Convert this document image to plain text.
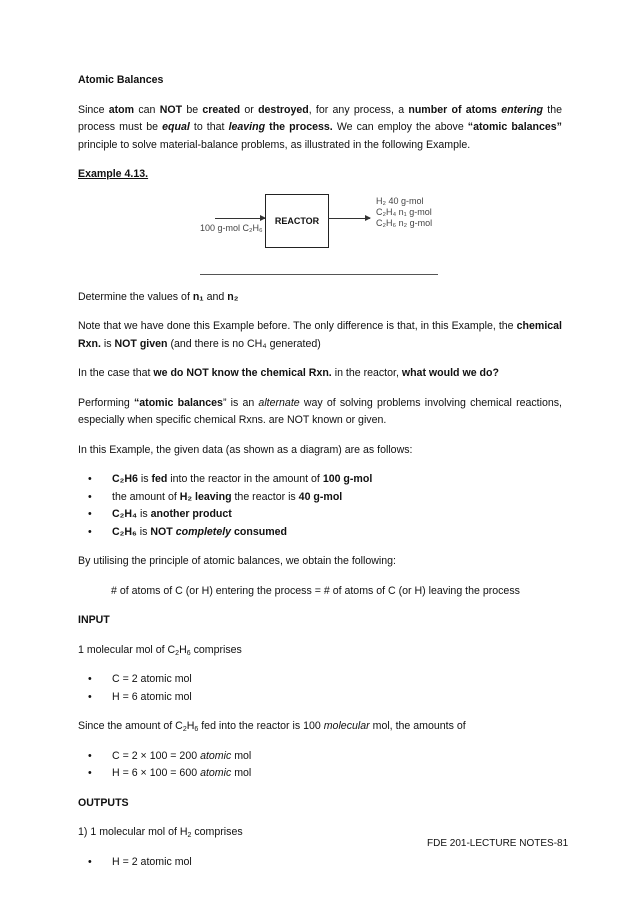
Atomic Balances

Since atom can NOT be created or destroyed, for any process, a number of atoms entering the process must be equal to that leaving the process. We can employ the above “atomic balances” principle to solve material-balance problems, as illustrated in the following Example.

Example 4.13.

REACTOR
100 g-mol C₂H₆
H₂ 40 g-mol
C₂H₄ n₁ g-mol
C₂H₆ n₂ g-mol

Determine the values of n₁ and n₂

Note that we have done this Example before. The only difference is that, in this Example, the chemical Rxn. is NOT given (and there is no CH₄ generated)

In the case that we do NOT know the chemical Rxn. in the reactor, what would we do?

Performing “atomic balances” is an alternate way of solving problems involving chemical reactions, especially when specific chemical Rxns. are NOT known or given.

In this Example, the given data (as shown as a diagram) are as follows:

• C₂H6 is fed into the reactor in the amount of 100 g-mol
• the amount of H₂ leaving the reactor is 40 g-mol
• C₂H₄ is another product
• C₂H₆ is NOT completely consumed

By utilising the principle of atomic balances, we obtain the following:

# of atoms of C (or H) entering the process = # of atoms of C (or H) leaving the process

INPUT

1 molecular mol of $C_2H_6$ comprises

• C = 2 atomic mol
• H = 6 atomic mol

Since the amount of $C_2H_6$ fed into the reactor is 100 molecular mol, the amounts of

• C = 2 × 100 = 200 atomic mol
• H = 6 × 100 = 600 atomic mol

OUTPUTS

1) 1 molecular mol of $H_2$ comprises

• H = 2 atomic mol
FDE 201-LECTURE NOTES-81
